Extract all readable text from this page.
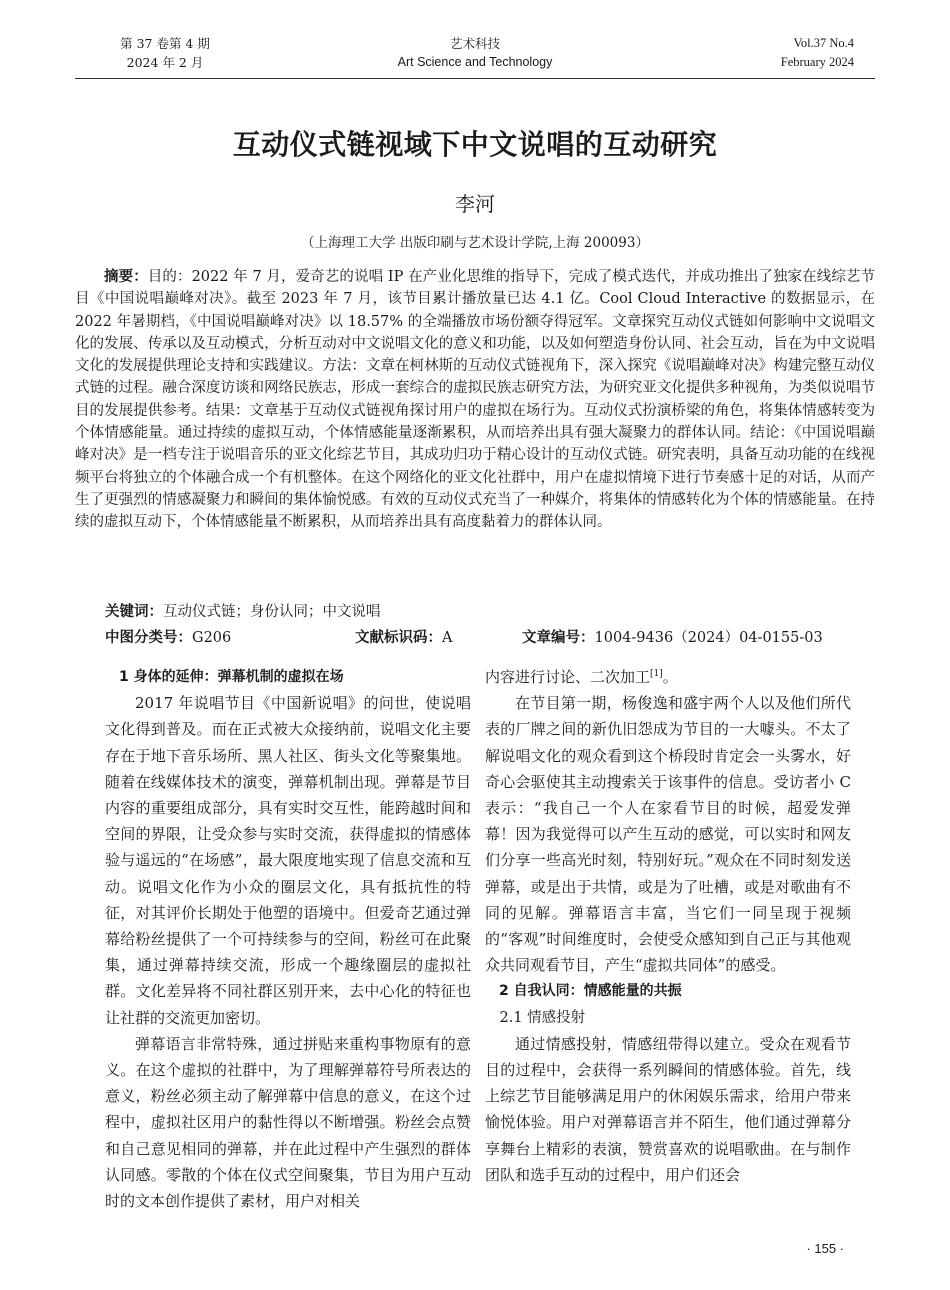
第 37 卷第 4 期
2024 年 2 月
艺术科技
Art Science and Technology
Vol.37 No.4
February 2024
互动仪式链视域下中文说唱的互动研究
李河
（上海理工大学 出版印刷与艺术设计学院,上海 200093）

摘要：目的：2022 年 7 月，爱奇艺的说唱 IP 在产业化思维的指导下，完成了模式迭代，并成功推出了独家在线综艺节目《中国说唱巅峰对决》。截至 2023 年 7 月，该节目累计播放量已达 4.1 亿。Cool Cloud Interactive 的数据显示，在 2022 年暑期档，《中国说唱巅峰对决》以 18.57% 的全端播放市场份额夺得冠军。文章探究互动仪式链如何影响中文说唱文化的发展、传承以及互动模式，分析互动对中文说唱文化的意义和功能，以及如何塑造身份认同、社会互动，旨在为中文说唱文化的发展提供理论支持和实践建议。方法：文章在柯林斯的互动仪式链视角下，深入探究《说唱巅峰对决》构建完整互动仪式链的过程。融合深度访谈和网络民族志，形成一套综合的虚拟民族志研究方法，为研究亚文化提供多种视角，为类似说唱节目的发展提供参考。结果：文章基于互动仪式链视角探讨用户的虚拟在场行为。互动仪式扮演桥梁的角色，将集体情感转变为个体情感能量。通过持续的虚拟互动，个体情感能量逐渐累积，从而培养出具有强大凝聚力的群体认同。结论：《中国说唱巅峰对决》是一档专注于说唱音乐的亚文化综艺节目，其成功归功于精心设计的互动仪式链。研究表明，具备互动功能的在线视频平台将独立的个体融合成一个有机整体。在这个网络化的亚文化社群中，用户在虚拟情境下进行节奏感十足的对话，从而产生了更强烈的情感凝聚力和瞬间的集体愉悦感。有效的互动仪式充当了一种媒介，将集体的情感转化为个体的情感能量。在持续的虚拟互动下，个体情感能量不断累积，从而培养出具有高度黏着力的群体认同。

关键词：互动仪式链；身份认同；中文说唱
中图分类号：G206	文献标识码：A	文章编号：1004-9436（2024）04-0155-03

1 身体的延伸：弹幕机制的虚拟在场

2017 年说唱节目《中国新说唱》的问世，使说唱文化得到普及。而在正式被大众接纳前，说唱文化主要存在于地下音乐场所、黑人社区、街头文化等聚集地。随着在线媒体技术的演变，弹幕机制出现。弹幕是节目内容的重要组成部分，具有实时交互性，能跨越时间和空间的界限，让受众参与实时交流，获得虚拟的情感体验与遥远的“在场感”，最大限度地实现了信息交流和互动。说唱文化作为小众的圈层文化，具有抵抗性的特征，对其评价长期处于他塑的语境中。但爱奇艺通过弹幕给粉丝提供了一个可持续参与的空间，粉丝可在此聚集，通过弹幕持续交流，形成一个趣缘圈层的虚拟社群。文化差异将不同社群区别开来，去中心化的特征也让社群的交流更加密切。

弹幕语言非常特殊，通过拼贴来重构事物原有的意义。在这个虚拟的社群中，为了理解弹幕符号所表达的意义，粉丝必须主动了解弹幕中信息的意义，在这个过程中，虚拟社区用户的黏性得以不断增强。粉丝会点赞和自己意见相同的弹幕，并在此过程中产生强烈的群体认同感。零散的个体在仪式空间聚集，节目为用户互动时的文本创作提供了素材，用户对相关

内容进行讨论、二次加工[1]。

在节目第一期，杨俊逸和盛宇两个人以及他们所代表的厂牌之间的新仇旧怨成为节目的一大噱头。不太了解说唱文化的观众看到这个桥段时肯定会一头雾水，好奇心会驱使其主动搜索关于该事件的信息。受访者小 C 表示：“我自己一个人在家看节目的时候，超爱发弹幕！因为我觉得可以产生互动的感觉，可以实时和网友们分享一些高光时刻，特别好玩。”观众在不同时刻发送弹幕，或是出于共情，或是为了吐槽，或是对歌曲有不同的见解。弹幕语言丰富，当它们一同呈现于视频的“客观”时间维度时，会使受众感知到自己正与其他观众共同观看节目，产生“虚拟共同体”的感受。

2 自我认同：情感能量的共振

2.1 情感投射

通过情感投射，情感纽带得以建立。受众在观看节目的过程中，会获得一系列瞬间的情感体验。首先，线上综艺节目能够满足用户的休闲娱乐需求，给用户带来愉悦体验。用户对弹幕语言并不陌生，他们通过弹幕分享舞台上精彩的表演，赞赏喜欢的说唱歌曲。在与制作团队和选手互动的过程中，用户们还会

· 155 ·
